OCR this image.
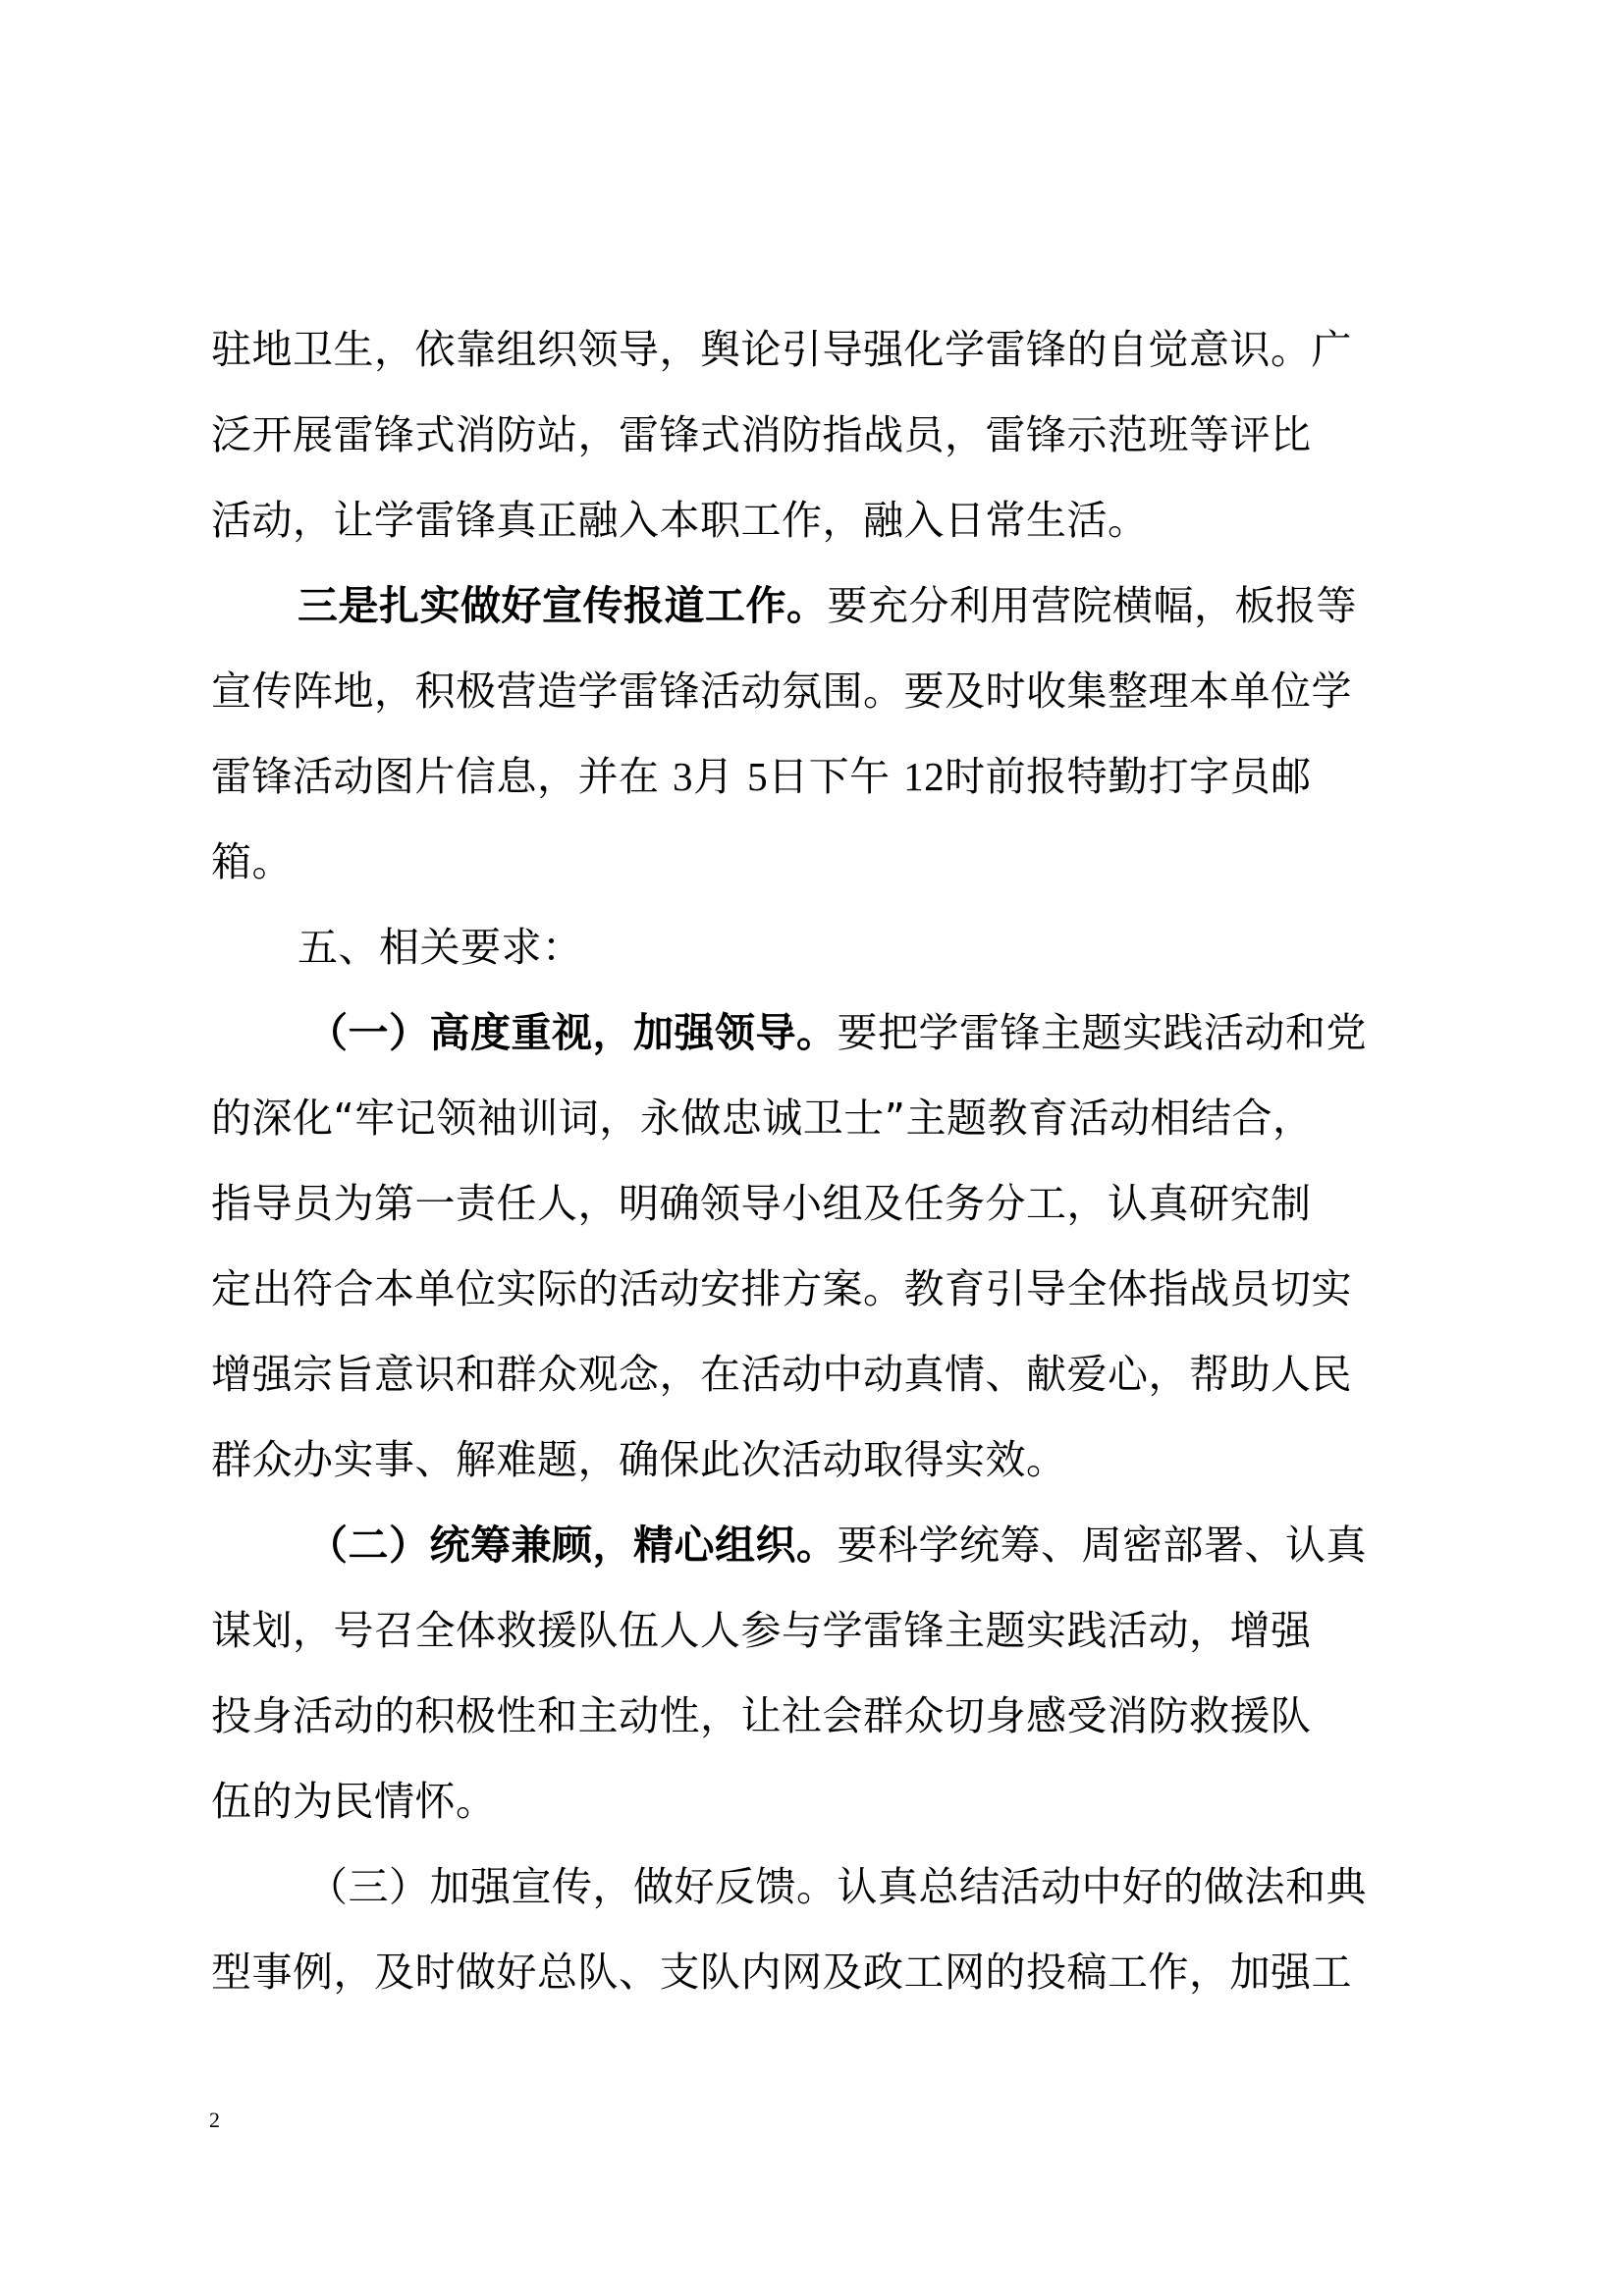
驻地卫生，依靠组织领导，舆论引导强化学雷锋的自觉意识。广
泛开展雷锋式消防站，雷锋式消防指战员，雷锋示范班等评比
活动，让学雷锋真正融入本职工作，融入日常生活。
三是扎实做好宣传报道工作。要充分利用营院横幅，板报等
宣传阵地，积极营造学雷锋活动氛围。要及时收集整理本单位学
雷锋活动图片信息，并在 3月 5日下午 12时前报特勤打字员邮
箱。
五、相关要求：
（一）高度重视，加强领导。要把学雷锋主题实践活动和党
的深化“牢记领袖训词，永做忠诚卫士”主题教育活动相结合，
指导员为第一责任人，明确领导小组及任务分工，认真研究制
定出符合本单位实际的活动安排方案。教育引导全体指战员切实
增强宗旨意识和群众观念，在活动中动真情、献爱心，帮助人民
群众办实事、解难题，确保此次活动取得实效。
（二）统筹兼顾，精心组织。要科学统筹、周密部署、认真
谋划，号召全体救援队伍人人参与学雷锋主题实践活动，增强
投身活动的积极性和主动性，让社会群众切身感受消防救援队
伍的为民情怀。
（三）加强宣传，做好反馈。认真总结活动中好的做法和典
型事例，及时做好总队、支队内网及政工网的投稿工作，加强工
2
